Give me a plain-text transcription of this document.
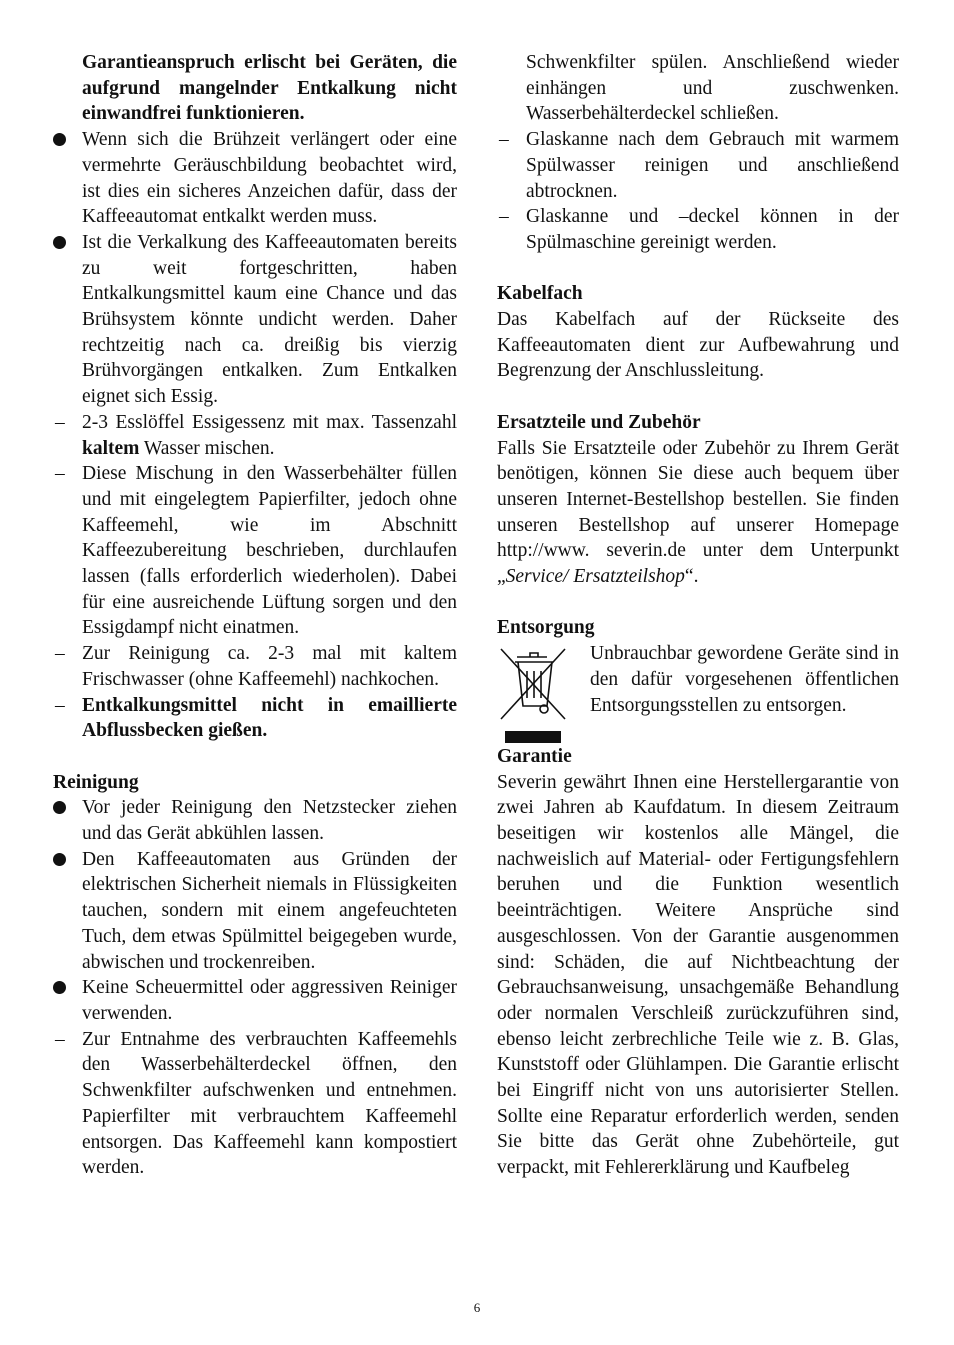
Garantieanspruch erlischt bei Geräten, die aufgrund mangelnder Entkalkung nicht einwandfrei funktionieren.

Wenn sich die Brühzeit verlängert oder eine vermehrte Geräuschbildung beobachtet wird, ist dies ein sicheres Anzeichen dafür, dass der Kaffeeautomat entkalkt werden muss.
Ist die Verkalkung des Kaffeeautomaten bereits zu weit fortgeschritten, haben Entkalkungsmittel kaum eine Chance und das Brühsystem könnte undicht werden. Daher rechtzeitig nach ca. dreißig bis vierzig Brühvorgängen entkalken. Zum Entkalken eignet sich Essig.
– 2-3 Esslöffel Essigessenz mit max. Tassenzahl kaltem Wasser mischen.
– Diese Mischung in den Wasserbehälter füllen und mit eingelegtem Papierfilter, jedoch ohne Kaffeemehl, wie im Abschnitt Kaffeezubereitung beschrieben, durchlaufen lassen (falls erforderlich wiederholen). Dabei für eine ausreichende Lüftung sorgen und den Essigdampf nicht einatmen.
– Zur Reinigung ca. 2-3 mal mit kaltem Frischwasser (ohne Kaffeemehl) nachkochen.
– Entkalkungsmittel nicht in emaillierte Abflussbecken gießen.
Reinigung
Vor jeder Reinigung den Netzstecker ziehen und das Gerät abkühlen lassen.
Den Kaffeeautomaten aus Gründen der elektrischen Sicherheit niemals in Flüssigkeiten tauchen, sondern mit einem angefeuchteten Tuch, dem etwas Spülmittel beigegeben wurde, abwischen und trockenreiben.
Keine Scheuermittel oder aggressiven Reiniger verwenden.
– Zur Entnahme des verbrauchten Kaffeemehls den Wasserbehälterdeckel öffnen, den Schwenkfilter aufschwenken und entnehmen. Papierfilter mit verbrauchtem Kaffeemehl entsorgen. Das Kaffeemehl kann kompostiert werden.

Schwenkfilter spülen. Anschließend wieder einhängen und zuschwenken. Wasserbehälterdeckel schließen.

– Glaskanne nach dem Gebrauch mit warmem Spülwasser reinigen und anschließend abtrocknen.
– Glaskanne und –deckel können in der Spülmaschine gereinigt werden.
Kabelfach

Das Kabelfach auf der Rückseite des Kaffeeautomaten dient zur Aufbewahrung und Begrenzung der Anschlussleitung.

Ersatzteile und Zubehör

Falls Sie Ersatzteile oder Zubehör zu Ihrem Gerät benötigen, können Sie diese auch bequem über unseren Internet-Bestellshop bestellen. Sie finden unseren Bestellshop auf unserer Homepage http://www. severin.de unter dem Unterpunkt „Service/ Ersatzteilshop“.

Entsorgung

Unbrauchbar gewordene Geräte sind in den dafür vorgesehenen öffentlichen Entsorgungsstellen zu entsorgen.

Garantie

Severin gewährt Ihnen eine Herstellergarantie von zwei Jahren ab Kaufdatum. In diesem Zeitraum beseitigen wir kostenlos alle Mängel, die nachweislich auf Material- oder Fertigungsfehlern beruhen und die Funktion wesentlich beeinträchtigen. Weitere Ansprüche sind ausgeschlossen. Von der Garantie ausgenommen sind: Schäden, die auf Nichtbeachtung der Gebrauchsanweisung, unsachgemäße Behandlung oder normalen Verschleiß zurückzuführen sind, ebenso leicht zerbrechliche Teile wie z. B. Glas, Kunststoff oder Glühlampen. Die Garantie erlischt bei Eingriff nicht von uns autorisierter Stellen. Sollte eine Reparatur erforderlich werden, senden Sie bitte das Gerät ohne Zubehörteile, gut verpackt, mit Fehlererklärung und Kaufbeleg

6
